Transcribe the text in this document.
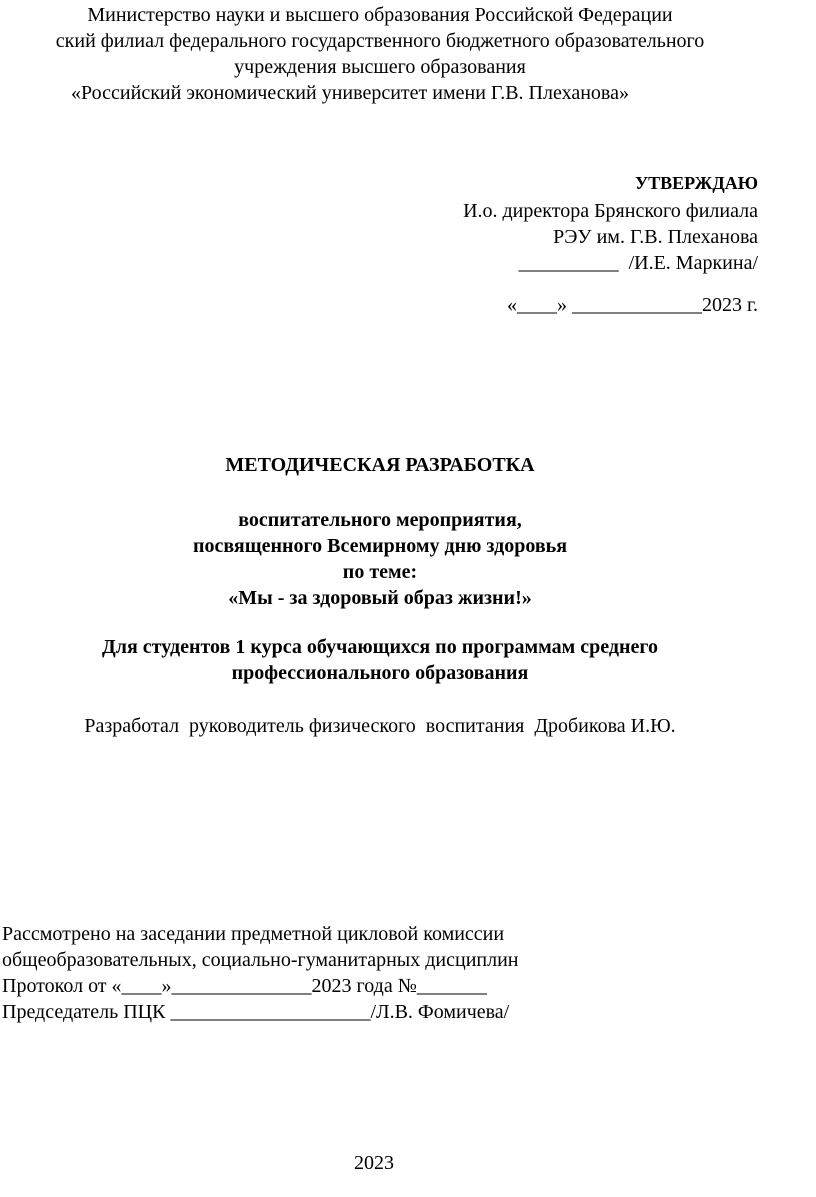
Министерство науки и высшего образования Российской Федерации
ский филиал федерального государственного бюджетного образовательного
учреждения высшего образования
«Российский экономический университет имени Г.В. Плеханова»
УТВЕРЖДАЮ
И.о. директора Брянского филиала
РЭУ им. Г.В. Плеханова
__________  /И.Е. Маркина/
«____» _____________2023 г.
МЕТОДИЧЕСКАЯ РАЗРАБОТКА
воспитательного мероприятия,
посвященного Всемирному дню здоровья
по теме:
«Мы - за здоровый образ жизни!»
Для студентов 1 курса обучающихся по программам среднего
профессионального образования
Разработал  руководитель физического  воспитания  Дробикова И.Ю.
Рассмотрено на заседании предметной цикловой комиссии
общеобразовательных, социально-гуманитарных дисциплин
Протокол от «____»______________2023 года №_______
Председатель ПЦК ____________________/Л.В. Фомичева/
2023
